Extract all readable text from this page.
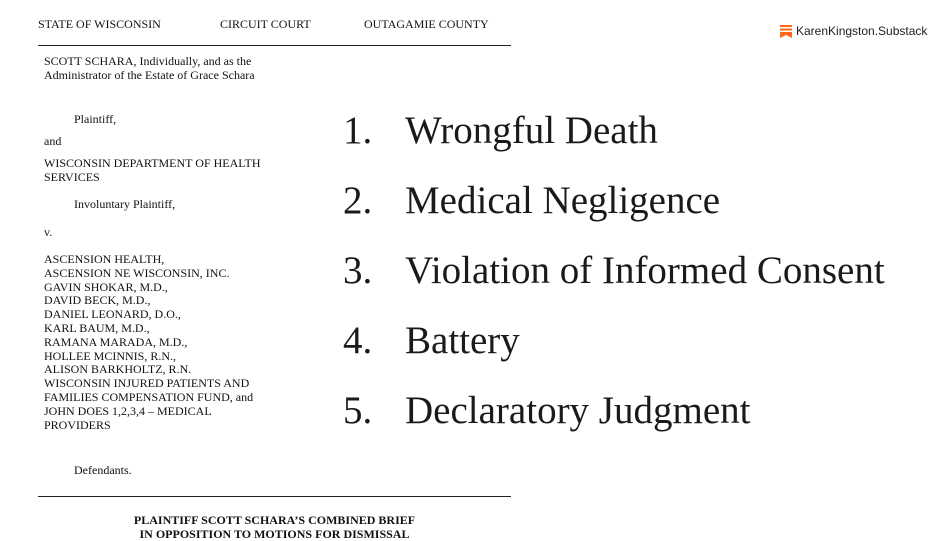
STATE OF WISCONSIN	CIRCUIT COURT	OUTAGAMIE COUNTY	KarenKingston.Substack
SCOTT SCHARA, Individually, and as the
Administrator of the Estate of Grace Schara
Plaintiff,
and
WISCONSIN DEPARTMENT OF HEALTH
SERVICES
Involuntary Plaintiff,
v.
ASCENSION HEALTH,
ASCENSION NE WISCONSIN, INC.
GAVIN SHOKAR, M.D.,
DAVID BECK, M.D.,
DANIEL LEONARD, D.O.,
KARL BAUM, M.D.,
RAMANA MARADA, M.D.,
HOLLEE MCINNIS, R.N.,
ALISON BARKHOLTZ, R.N.
WISCONSIN INJURED PATIENTS AND
FAMILIES COMPENSATION FUND, and
JOHN DOES 1,2,3,4 – MEDICAL
PROVIDERS
Defendants.
PLAINTIFF SCOTT SCHARA’S COMBINED BRIEF
IN OPPOSITION TO MOTIONS FOR DISMISSAL
1. Wrongful Death
2. Medical Negligence
3. Violation of Informed Consent
4. Battery
5. Declaratory Judgment
